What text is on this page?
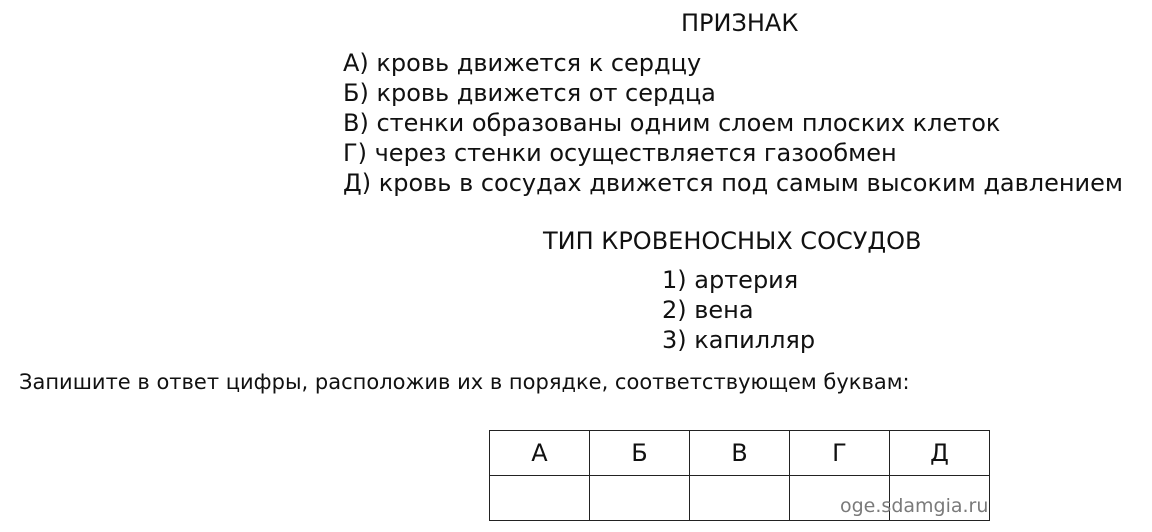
ПРИЗНАК
А) кровь движется к сердцу
Б) кровь движется от сердца
В) стенки образованы одним слоем плоских клеток
Г) через стенки осуществляется газообмен
Д) кровь в сосудах движется под самым высоким давлением
ТИП КРОВЕНОСНЫХ СОСУДОВ
1) артерия
2) вена
3) капилляр
Запишите в ответ цифры, расположив их в порядке, соответствующем буквам:
А	Б	В	Г	Д

oge.sdamgia.ru
